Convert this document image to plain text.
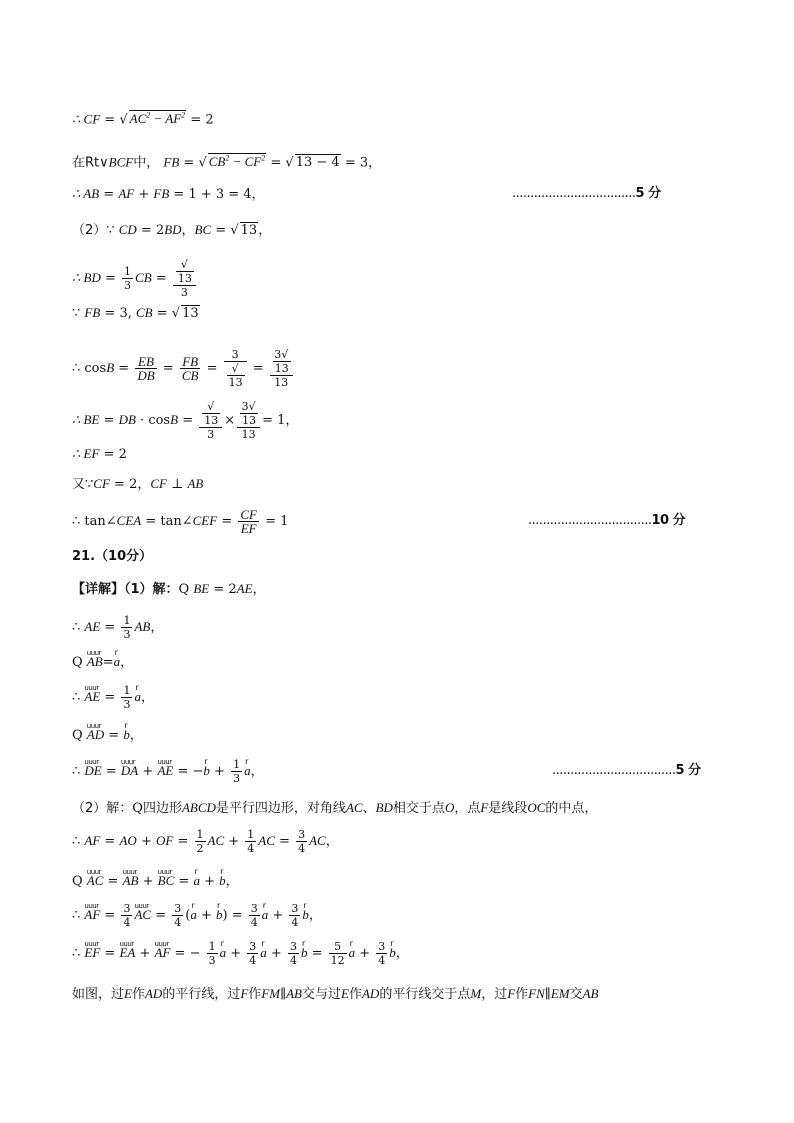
∴ CF = √ $AC^2 - AF^2 = 2$
在Rt∨BCF中， FB = √ $CB^2 - CF^2$ = √ 13 − 4 = 3，
∴ AB = AF + FB = 1 + 3 = 4，	..................................5 分
（2）∵ CD = 2BD，BC = √ 13，
∴ BD = $\frac{1}{3}$ CB = √
13
3
∵ FB = 3, CB = √ 13
∴ $\cos B = \frac{EB}{DB} = \frac{FB}{CB} = 3$
√
13 = 3√
13
13
∴ BE = DB · cosB = √
13
3 × 3√
13
13 = 1，
∴ EF = 2
又∵CF = 2，CF ⊥ AB
∴ tan∠CEA = tan∠CEF = $\frac{CF}{EF} = 1$	..................................10 分
21.（10分）
【详解】（1）解：Q BE = 2AE，
∴ AE = $\frac{1}{3}$ AB，
Q uuur AB=r a，
∴ uuur AE = $\frac{1}{3}$ r a，
Q uuur AD = r b，
∴ uuur DE = uuur DA + uuur AE = −r $b + \frac{1}{3}$ r a，	..................................5 分
（2）解：Q四边形ABCD是平行四边形，对角线AC、BD相交于点O，点F是线段OC的中点，
∴ AF = AO + OF = $\frac{1}{2}$ AC + $\frac{1}{4}$ AC = $\frac{3}{4}$ AC，
Q uuur AC = uuur AB + uuur BC = r a + r b，
∴ uuur AF = $\frac{3}{4}$ uuur AC = $\frac{3}{4} (r$ a + r $b) = \frac{3}{4}$ r $a + \frac{3}{4}$ r b，
∴ uuur EF = uuur EA + uuur AF = − $\frac{1}{3}$ r $a + \frac{3}{4}$ r $a + \frac{3}{4}$ r $b = \frac{5}{12}$ r $a + \frac{3}{4}$ r b，
如图，过E作AD的平行线，过F作FM∥AB交与过E作AD的平行线交于点M，过F作FN∥EM交AB
